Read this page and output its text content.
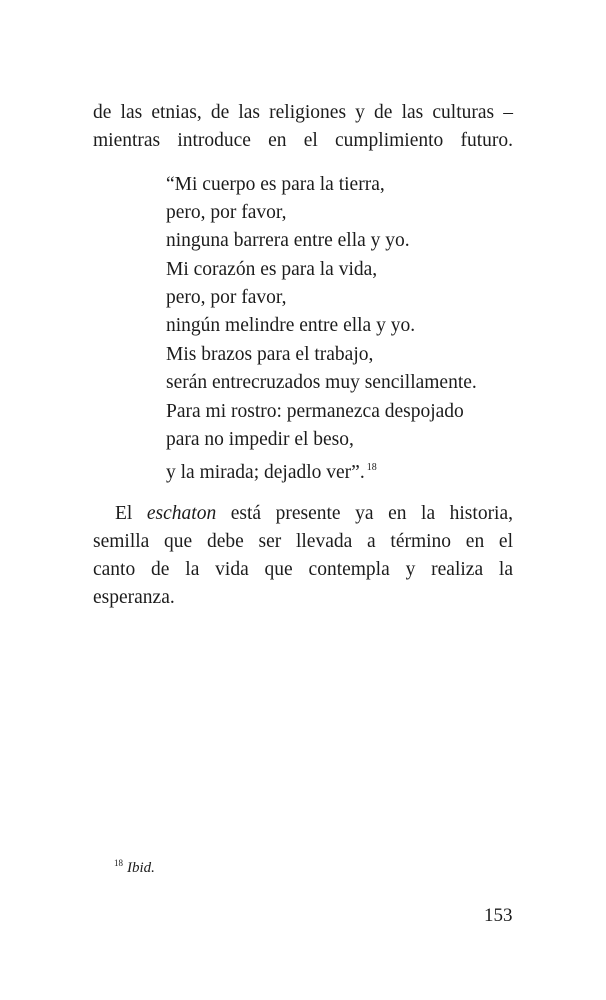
de las etnias, de las religiones y de las culturas –
mientras introduce en el cumplimiento futuro.
“Mi cuerpo es para la tierra,
pero, por favor,
ninguna barrera entre ella y yo.
Mi corazón es para la vida,
pero, por favor,
ningún melindre entre ella y yo.
Mis brazos para el trabajo,
serán entrecruzados muy sencillamente.
Para mi rostro: permanezca despojado
para no impedir el beso,
y la mirada; dejadlo ver”. $^{18}$
El eschaton está presente ya en la historia,
semilla que debe ser llevada a término en el
canto de la vida que contempla y realiza la
esperanza.
$^{18}$ Ibid.
153
